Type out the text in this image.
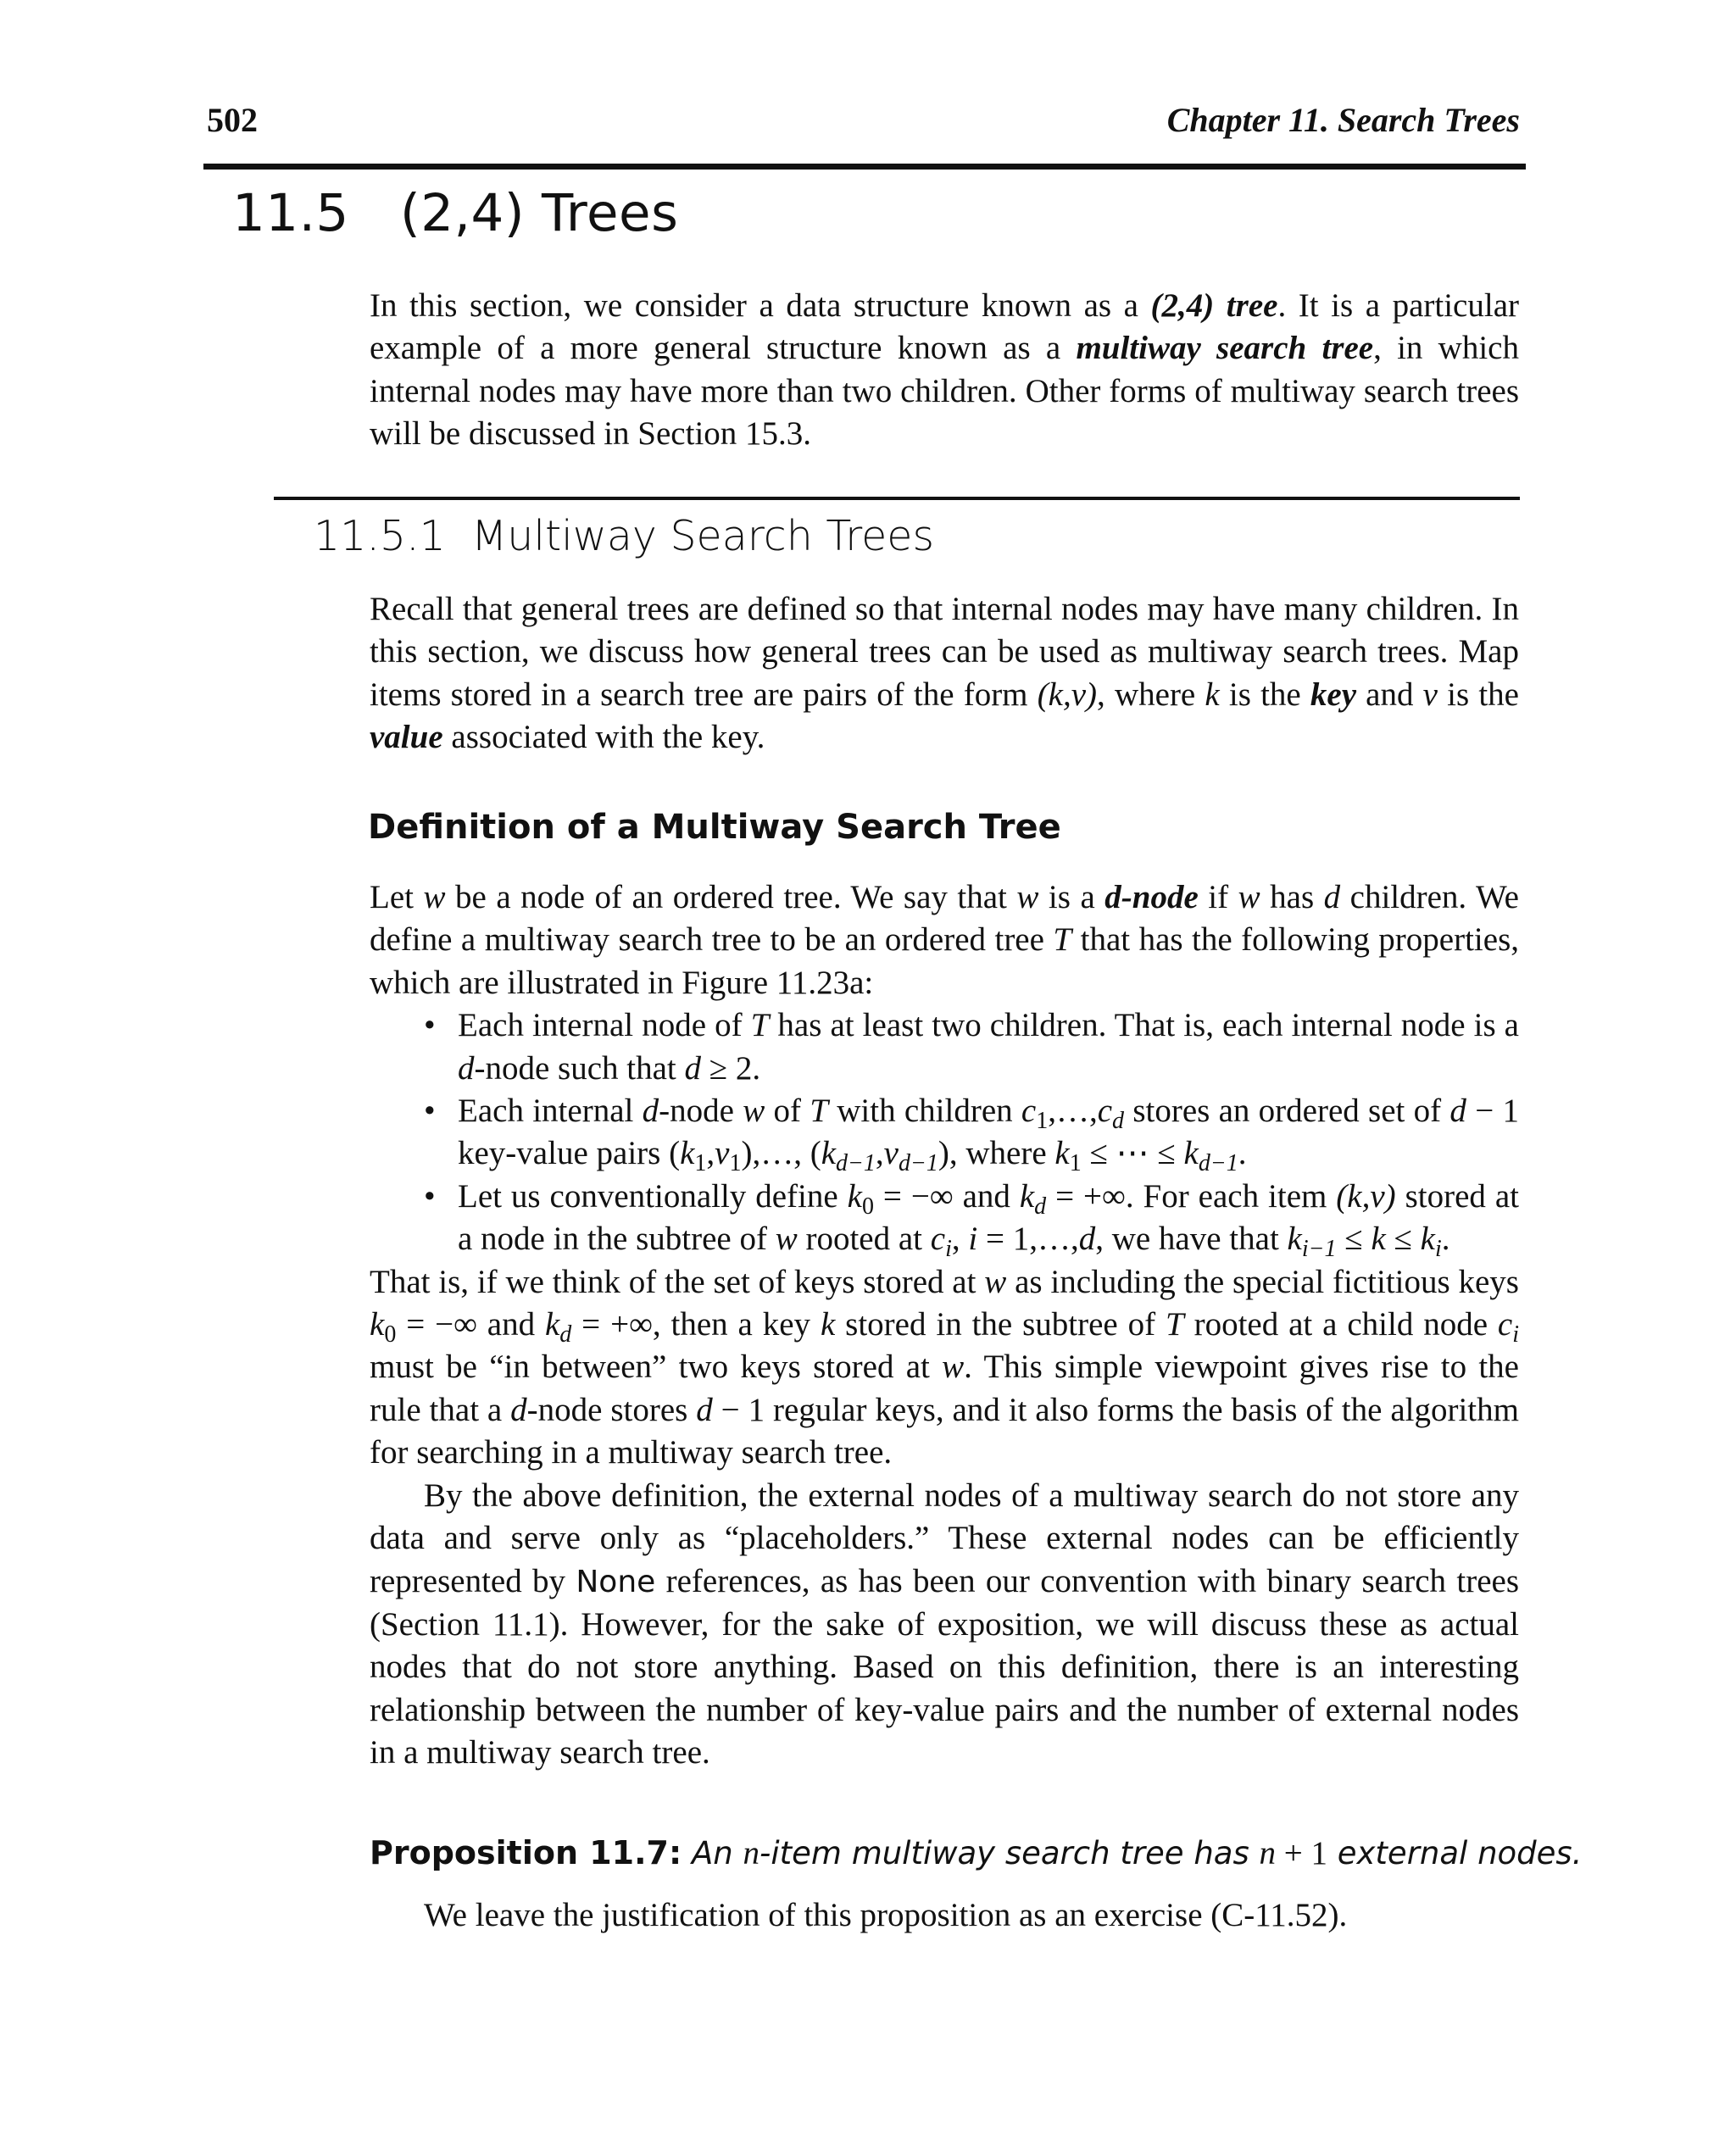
502	Chapter 11. Search Trees
11.5 (2,4) Trees

In this section, we consider a data structure known as a (2,4) tree. It is a particular example of a more general structure known as a multiway search tree, in which internal nodes may have more than two children. Other forms of multiway search trees will be discussed in Section 15.3.

11.5.1 Multiway Search Trees

Recall that general trees are defined so that internal nodes may have many children. In this section, we discuss how general trees can be used as multiway search trees. Map items stored in a search tree are pairs of the form (k,v), where k is the key and v is the value associated with the key.

Definition of a Multiway Search Tree

Let w be a node of an ordered tree. We say that w is a d-node if w has d children. We define a multiway search tree to be an ordered tree T that has the following properties, which are illustrated in Figure 11.23a:

• Each internal node of T has at least two children. That is, each internal node is a d-node such that d ≥ 2.
• Each internal d-node w of T with children $c_1,\dots,c_d$ stores an ordered set of d − 1 key-value pairs $(k_1,v_1),\dots$, $(k_{d-1},v_{d-1})$, where $k_1$ ≤ ⋯ ≤ $k_{d-1}$.
• Let us conventionally define $k_0$ = −∞ and $k_d$ = +∞. For each item (k,v) stored at a node in the subtree of w rooted at $c_i$, i = 1,…,d, we have that $k_{i-1} \le k \le k_i$.

That is, if we think of the set of keys stored at w as including the special fictitious keys $k_0$ = −∞ and $k_d$ = +∞, then a key k stored in the subtree of T rooted at a child node $c_i$ must be “in between” two keys stored at w. This simple viewpoint gives rise to the rule that a d-node stores d − 1 regular keys, and it also forms the basis of the algorithm for searching in a multiway search tree.

By the above definition, the external nodes of a multiway search do not store any data and serve only as “placeholders.” These external nodes can be efficiently represented by None references, as has been our convention with binary search trees (Section 11.1). However, for the sake of exposition, we will discuss these as actual nodes that do not store anything. Based on this definition, there is an interesting relationship between the number of key-value pairs and the number of external nodes in a multiway search tree.

Proposition 11.7: An n-item multiway search tree has n + 1 external nodes.
We leave the justification of this proposition as an exercise (C-11.52).
